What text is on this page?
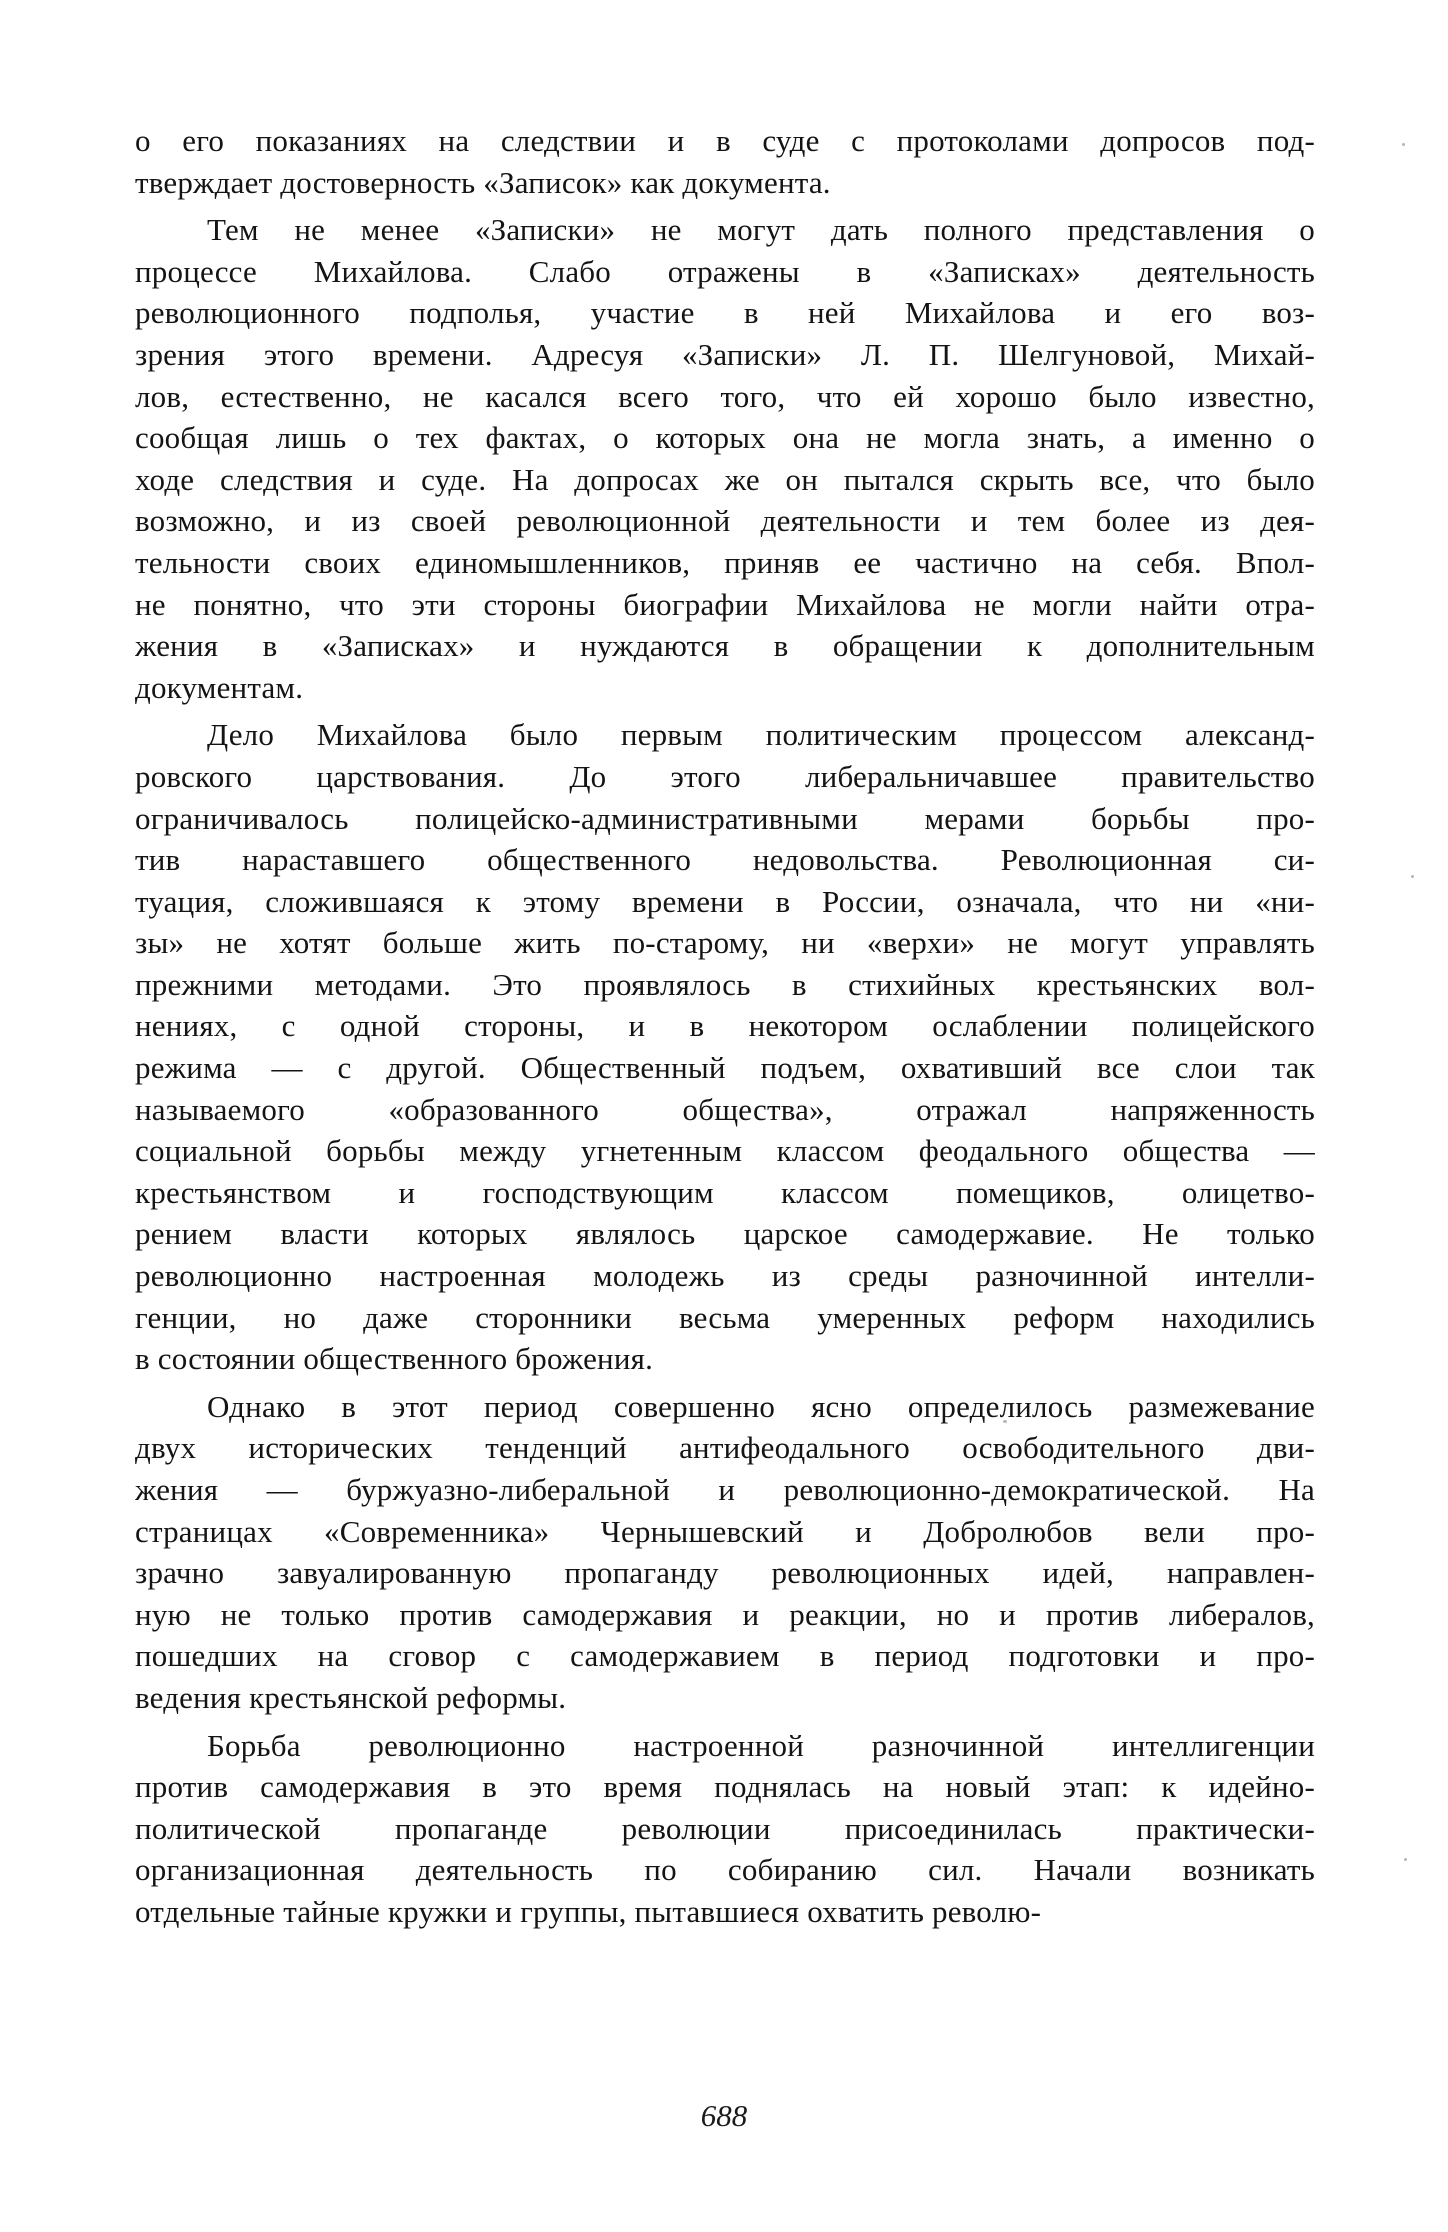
о его показаниях на следствии и в суде с протоколами допросов под-
тверждает достоверность «Записок» как документа.
Тем не менее «Записки» не могут дать полного представления о
процессе Михайлова. Слабо отражены в «Записках» деятельность
революционного подполья, участие в ней Михайлова и его воз-
зрения этого времени. Адресуя «Записки» Л. П. Шелгуновой, Михай-
лов, естественно, не касался всего того, что ей хорошо было известно,
сообщая лишь о тех фактах, о которых она не могла знать, а именно о
ходе следствия и суде. На допросах же он пытался скрыть все, что было
возможно, и из своей революционной деятельности и тем более из дея-
тельности своих единомышленников, приняв ее частично на себя. Впол-
не понятно, что эти стороны биографии Михайлова не могли найти отра-
жения в «Записках» и нуждаются в обращении к дополнительным
документам.
Дело Михайлова было первым политическим процессом александ-
ровского царствования. До этого либеральничавшее правительство
ограничивалось полицейско-административными мерами борьбы про-
тив нараставшего общественного недовольства. Революционная си-
туация, сложившаяся к этому времени в России, означала, что ни «ни-
зы» не хотят больше жить по-старому, ни «верхи» не могут управлять
прежними методами. Это проявлялось в стихийных крестьянских вол-
нениях, с одной стороны, и в некотором ослаблении полицейского
режима — с другой. Общественный подъем, охвативший все слои так
называемого «образованного общества», отражал напряженность
социальной борьбы между угнетенным классом феодального общества —
крестьянством и господствующим классом помещиков, олицетво-
рением власти которых являлось царское самодержавие. Не только
революционно настроенная молодежь из среды разночинной интелли-
генции, но даже сторонники весьма умеренных реформ находились
в состоянии общественного брожения.
Однако в этот период совершенно ясно определилось размежевание
двух исторических тенденций антифеодального освободительного дви-
жения — буржуазно-либеральной и революционно-демократической. На
страницах «Современника» Чернышевский и Добролюбов вели про-
зрачно завуалированную пропаганду революционных идей, направлен-
ную не только против самодержавия и реакции, но и против либералов,
пошедших на сговор с самодержавием в период подготовки и про-
ведения крестьянской реформы.
Борьба революционно настроенной разночинной интеллигенции
против самодержавия в это время поднялась на новый этап: к идейно-
политической пропаганде революции присоединилась практически-
организационная деятельность по собиранию сил. Начали возникать
отдельные тайные кружки и группы, пытавшиеся охватить револю-
688
